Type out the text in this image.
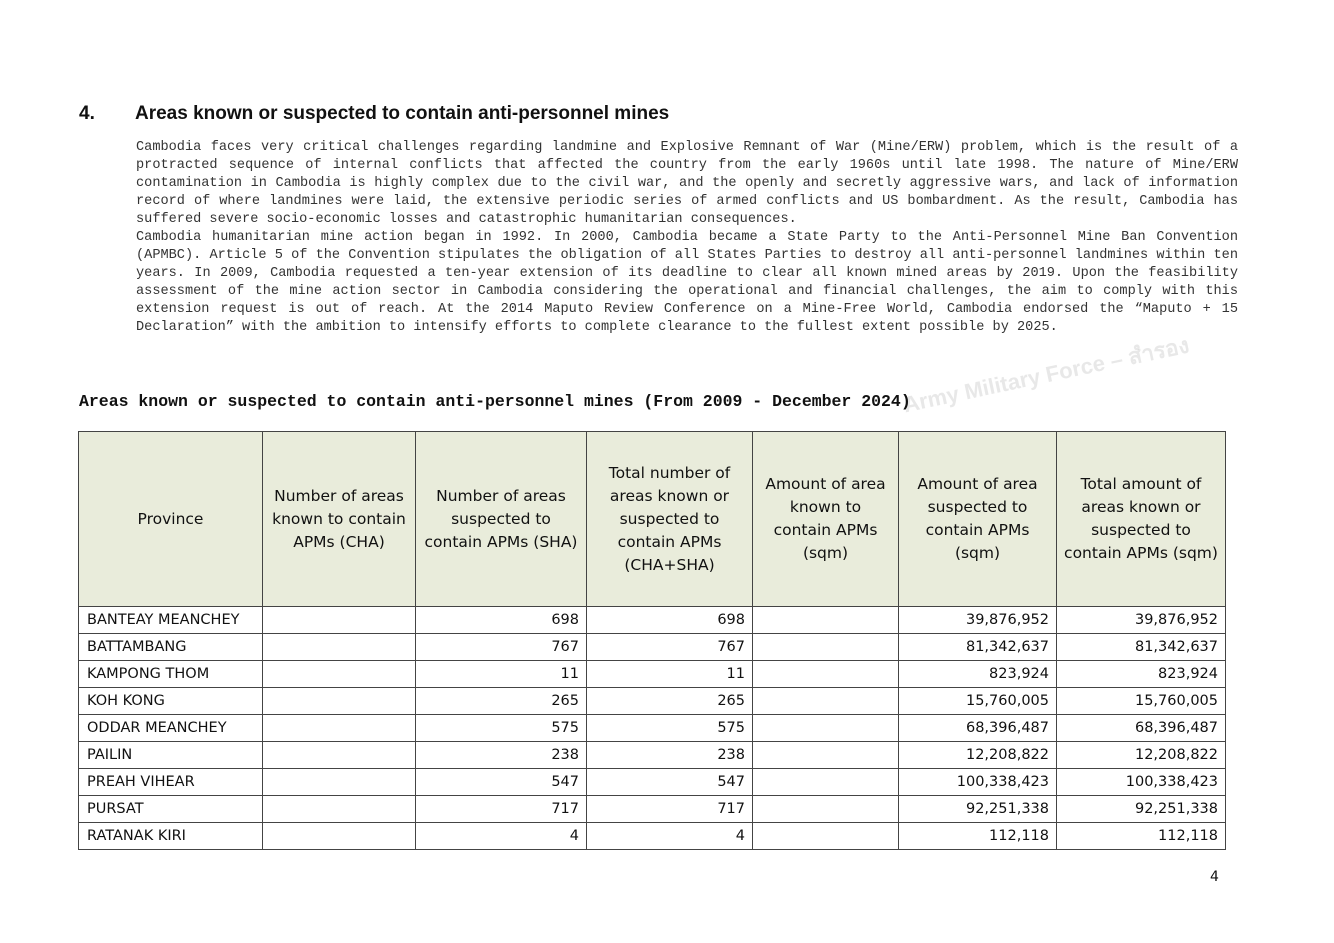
4. Areas known or suspected to contain anti-personnel mines

Cambodia faces very critical challenges regarding landmine and Explosive Remnant of War (Mine/ERW) problem, which is the result of a protracted sequence of internal conflicts that affected the country from the early 1960s until late 1998. The nature of Mine/ERW contamination in Cambodia is highly complex due to the civil war, and the openly and secretly aggressive wars, and lack of information record of where landmines were laid, the extensive periodic series of armed conflicts and US bombardment. As the result, Cambodia has suffered severe socio-economic losses and catastrophic humanitarian consequences.

Cambodia humanitarian mine action began in 1992. In 2000, Cambodia became a State Party to the Anti-Personnel Mine Ban Convention (APMBC). Article 5 of the Convention stipulates the obligation of all States Parties to destroy all anti-personnel landmines within ten years. In 2009, Cambodia requested a ten-year extension of its deadline to clear all known mined areas by 2019. Upon the feasibility assessment of the mine action sector in Cambodia considering the operational and financial challenges, the aim to comply with this extension request is out of reach. At the 2014 Maputo Review Conference on a Mine-Free World, Cambodia endorsed the “Maputo + 15 Declaration” with the ambition to intensify efforts to complete clearance to the fullest extent possible by 2025.

Army Military Force – สำรอง
Areas known or suspected to contain anti-personnel mines (From 2009 - December 2024)
Province	Number of areas known to contain APMs (CHA)	Number of areas suspected to contain APMs (SHA)	Total number of areas known or suspected to contain APMs (CHA+SHA)	Amount of area known to contain APMs (sqm)	Amount of area suspected to contain APMs (sqm)	Total amount of areas known or suspected to contain APMs (sqm)
BANTEAY MEANCHEY		698	698		39,876,952	39,876,952
BATTAMBANG		767	767		81,342,637	81,342,637
KAMPONG THOM		11	11		823,924	823,924
KOH KONG		265	265		15,760,005	15,760,005
ODDAR MEANCHEY		575	575		68,396,487	68,396,487
PAILIN		238	238		12,208,822	12,208,822
PREAH VIHEAR		547	547		100,338,423	100,338,423
PURSAT		717	717		92,251,338	92,251,338
RATANAK KIRI		4	4		112,118	112,118
4
